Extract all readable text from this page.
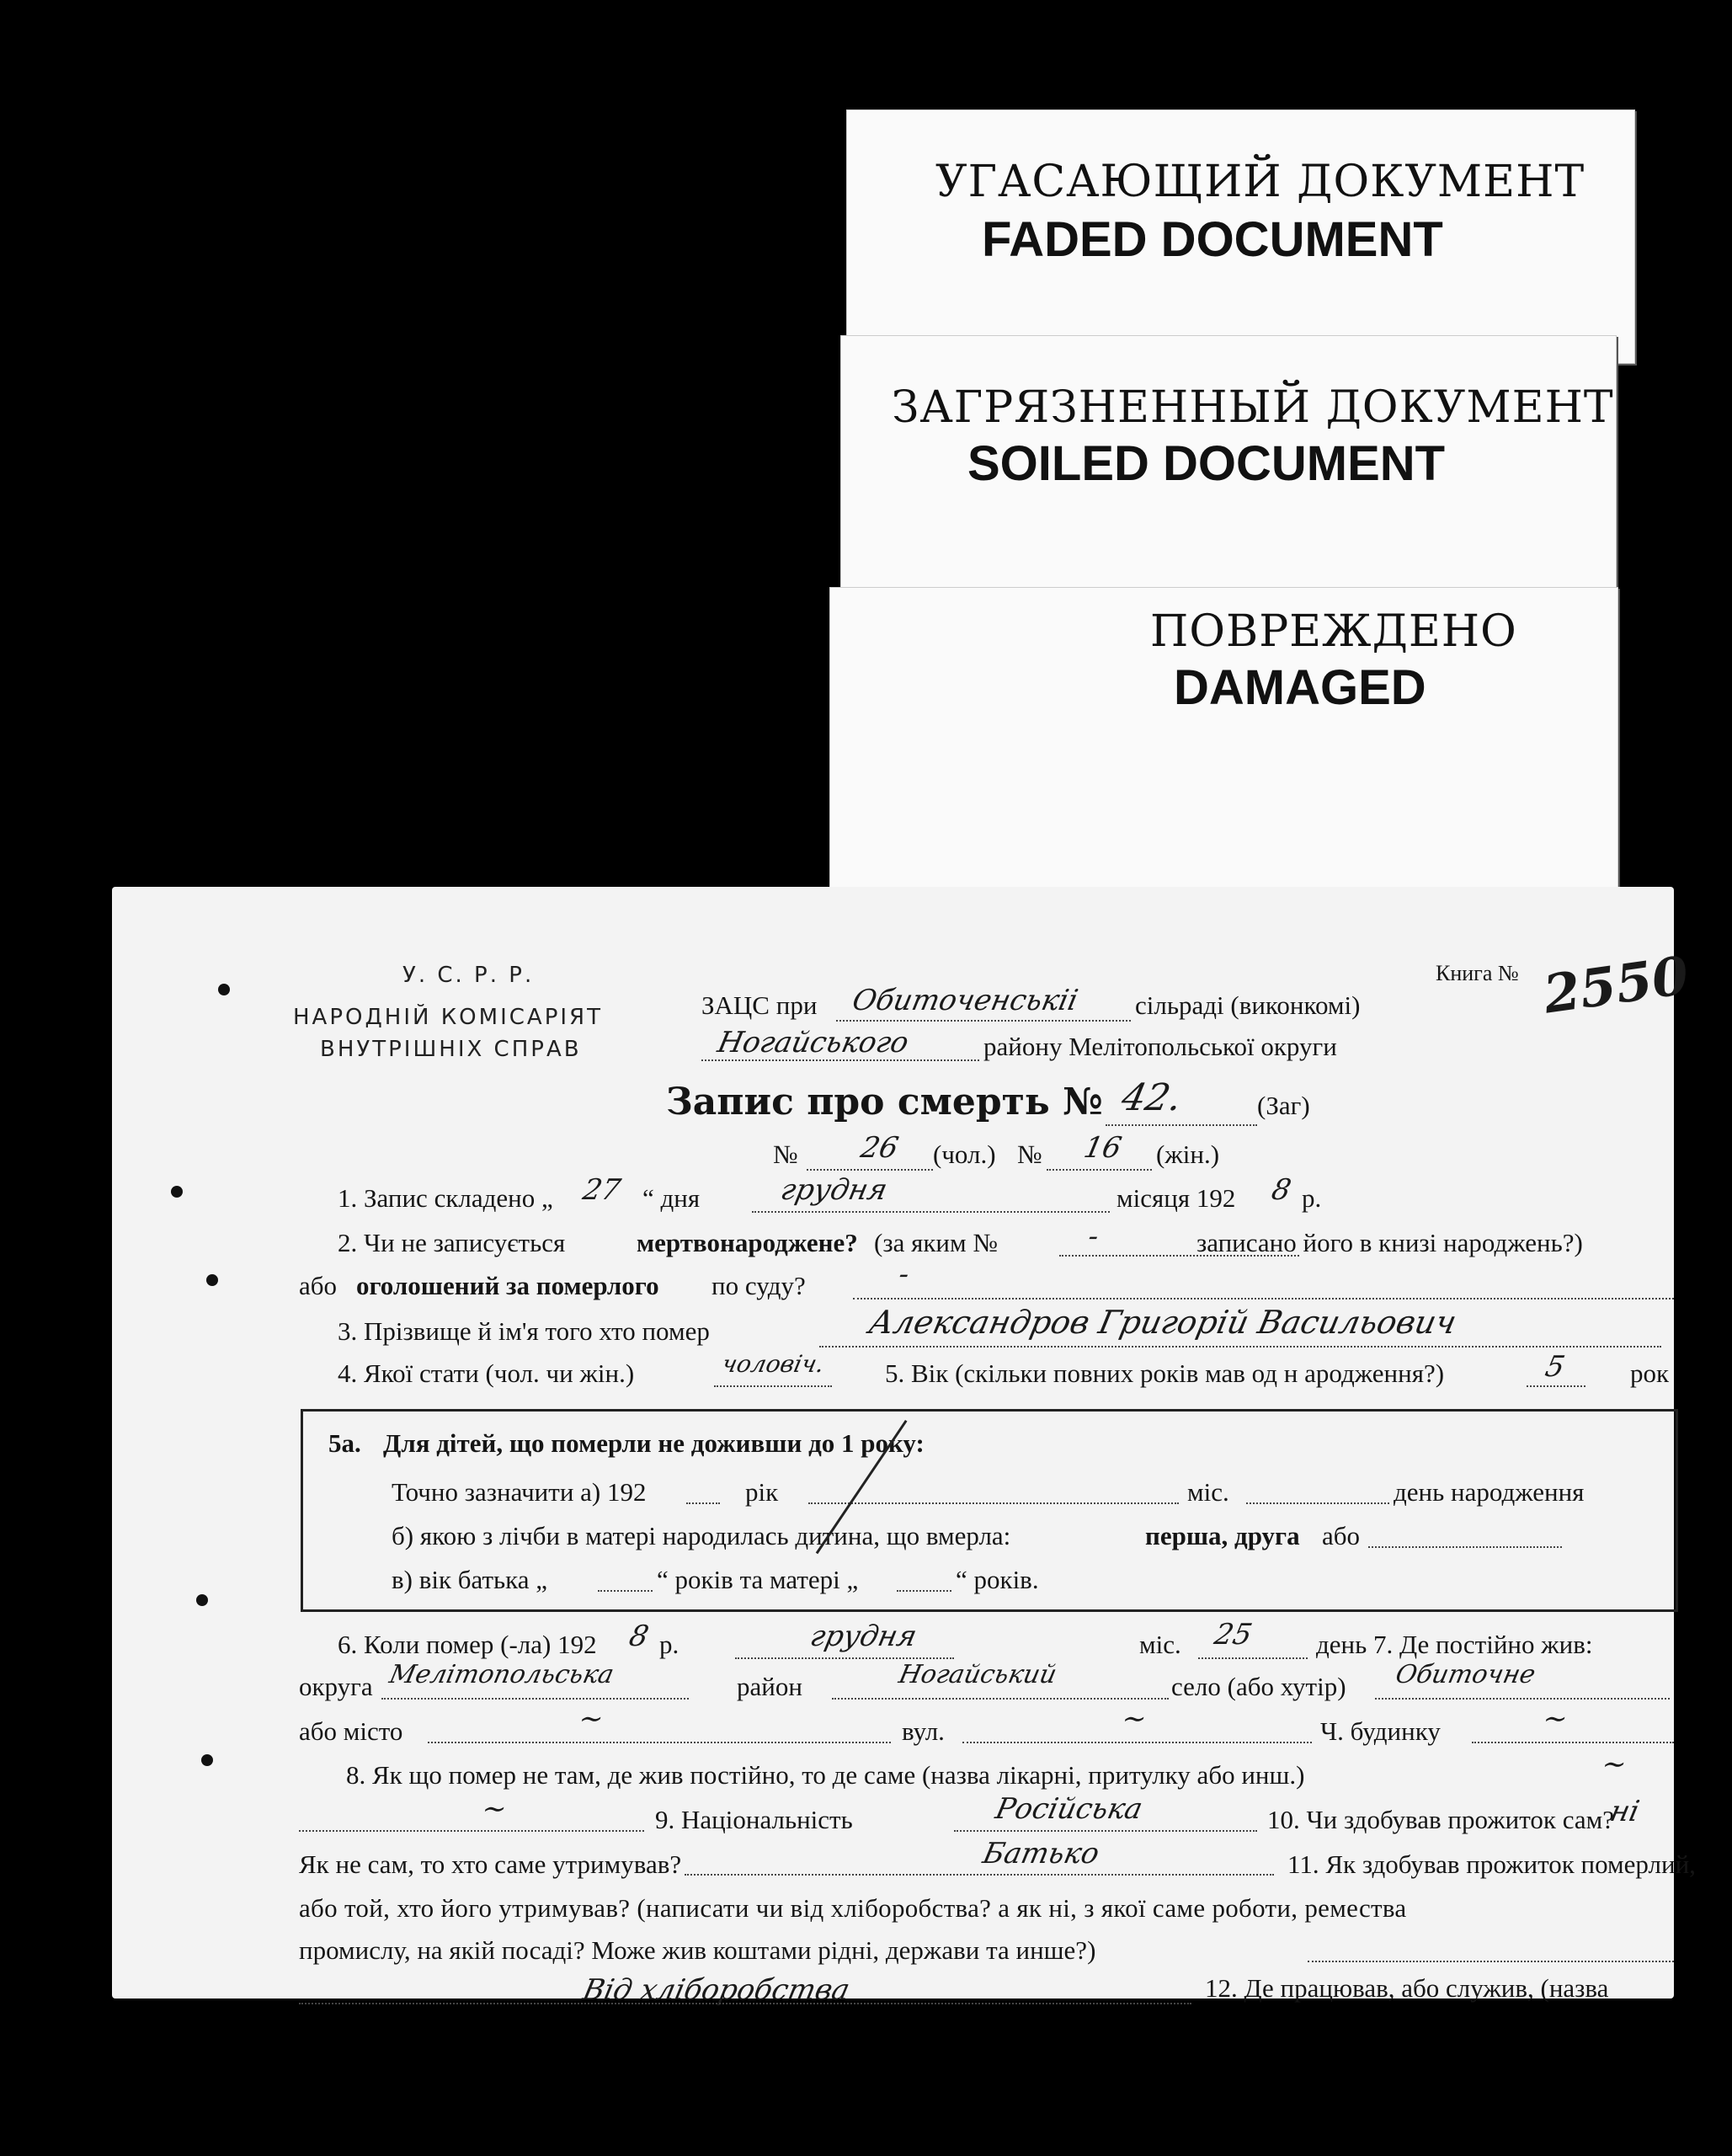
УГАСАЮЩИЙ ДОКУМЕНТ
FADED DOCUMENT
ЗАГРЯЗНЕННЫЙ ДОКУМЕНТ
SOILED DOCUMENT
ПОВРЕЖДЕНО
DAMAGED
У. С. Р. Р.
НАРОДНІЙ КОМІСАРІЯТ
ВНУТРІШНІХ СПРАВ
Книга № 2550
ЗАЦС при Обиточенськіі сільраді (виконкомі)
Ногайського	району Мелітопольської округи
Запис про смерть № 42.	(Заг)
№ 26 (чол.) № 16 (жін.)
1. Запис складено „ 27 “ дня	грудня	місяця 192 8 р.
2. Чи не записується	мертвонароджене? (за яким №	-	записано його в книзі народжень?)
або оголошений за померлого по суду?	-
3. Прізвище й ім'я того хто помер	Александров Григорій Васильович
4. Якої стати (чол. чи жін.)	чоловіч. 5. Вік (скільки повних років мав од н ародження?)	5 рок
5а. Для дітей, що померли не доживши до 1 року:
Точно зазначити а) 192	рік	міс.	день народження
б) якою з лічби в матері народилась дитина, що вмерла:	перша, друга або
в) вік батька „	“ років та матері „	“ років.
6. Коли помер (-ла) 192 8 р.	грудня	міс. 25 день 7. Де постійно жив:
округа Мелітопольська	район	Ногайський	село (або хутір) Обиточне
або місто	~	вул.	~	Ч. будинку	~
8. Як що помер не там, де жив постійно, то де саме (назва лікарні, притулку або инш.)	~
~	9. Національність	Російська	10. Чи здобував прожиток сам?
ні
Як не сам, то хто саме утримував?	Батько	11. Як здобував прожиток померлий,
або той, хто його утримував? (написати чи від хліборобства? а як ні, з якої саме роботи, ремества
промислу, на якій посаді? Може жив коштами рідні, держави та инше?)
Від хліборобства	12. Де працював, або служив, (назва
